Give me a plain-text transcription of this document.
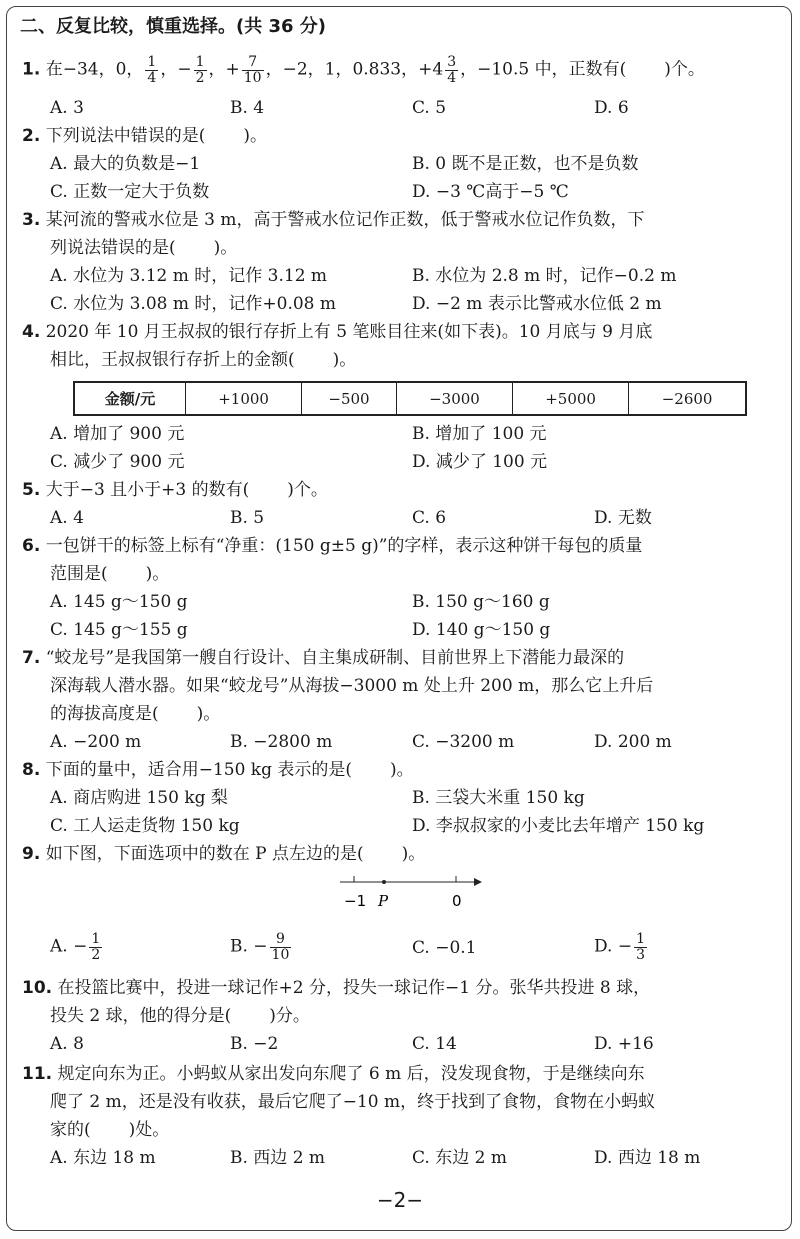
二、反复比较，慎重选择。(共 36 分)
1. 在−34，0， $\frac{1}{4}$ ，− $\frac{1}{2}$ ，+ $\frac{7}{10}$ ，−2，1，0.833，$+4 \frac{3}{4}$ ，−10.5 中，正数有( )个。
A. 3	B. 4	C. 5	D. 6
2. 下列说法中错误的是( )。
A. 最大的负数是−1	B. 0 既不是正数，也不是负数
C. 正数一定大于负数	D. −3 ℃高于−5 ℃
3. 某河流的警戒水位是 3 m，高于警戒水位记作正数，低于警戒水位记作负数，下
列说法错误的是( )。
A. 水位为 3.12 m 时，记作 3.12 m	B. 水位为 2.8 m 时，记作−0.2 m
C. 水位为 3.08 m 时，记作+0.08 m	D. −2 m 表示比警戒水位低 2 m
4. 2020 年 10 月王叔叔的银行存折上有 5 笔账目往来(如下表)。10 月底与 9 月底
相比，王叔叔银行存折上的金额( )。
金额/元	+1000	−500	−3000	+5000	−2600
A. 增加了 900 元	B. 增加了 100 元
C. 减少了 900 元	D. 减少了 100 元
5. 大于−3 且小于+3 的数有( )个。
A. 4	B. 5	C. 6	D. 无数
6. 一包饼干的标签上标有“净重：(150 g±5 g)”的字样，表示这种饼干每包的质量
范围是( )。
A. 145 g～150 g	B. 150 g～160 g
C. 145 g～155 g	D. 140 g～150 g
7. “蛟龙号”是我国第一艘自行设计、自主集成研制、目前世界上下潜能力最深的
深海载人潜水器。如果“蛟龙号”从海拔−3000 m 处上升 200 m，那么它上升后
的海拔高度是( )。
A. −200 m	B. −2800 m	C. −3200 m	D. 200 m
8. 下面的量中，适合用−150 kg 表示的是( )。
A. 商店购进 150 kg 梨	B. 三袋大米重 150 kg
C. 工人运走货物 150 kg	D. 李叔叔家的小麦比去年增产 150 kg
9. 如下图，下面选项中的数在 P 点左边的是( )。
−1 P	0
A. − $\frac{1}{2}$	B. − $\frac{9}{10}$	C. −0.1	D. − $\frac{1}{3}$
10. 在投篮比赛中，投进一球记作+2 分，投失一球记作−1 分。张华共投进 8 球，
投失 2 球，他的得分是( )分。
A. 8	B. −2	C. 14	D. +16
11. 规定向东为正。小蚂蚁从家出发向东爬了 6 m 后，没发现食物，于是继续向东
爬了 2 m，还是没有收获，最后它爬了−10 m，终于找到了食物，食物在小蚂蚁
家的( )处。
A. 东边 18 m	B. 西边 2 m	C. 东边 2 m	D. 西边 18 m
−2−
